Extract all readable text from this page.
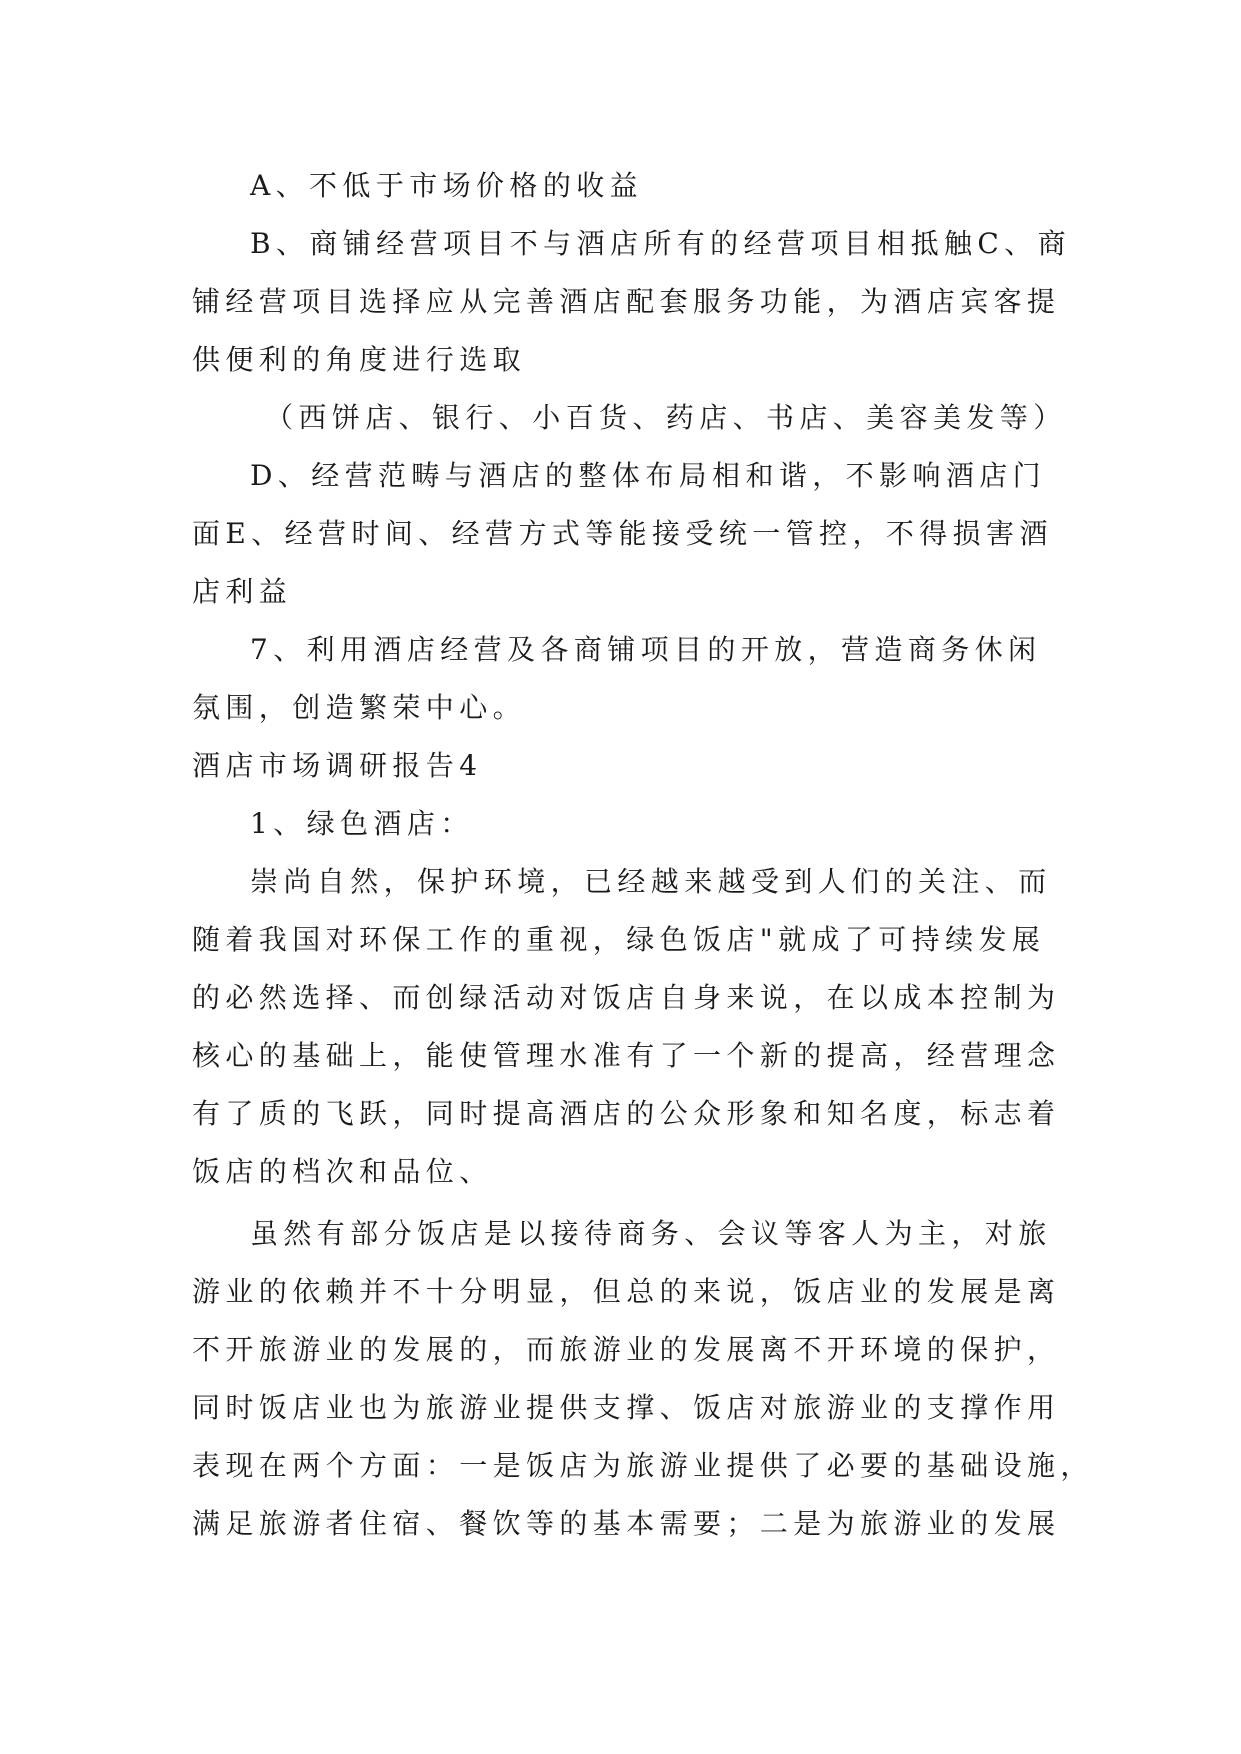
A、不低于市场价格的收益
B、商铺经营项目不与酒店所有的经营项目相抵触C、商
铺经营项目选择应从完善酒店配套服务功能，为酒店宾客提
供便利的角度进行选取
（西饼店、银行、小百货、药店、书店、美容美发等）
D、经营范畴与酒店的整体布局相和谐，不影响酒店门
面E、经营时间、经营方式等能接受统一管控，不得损害酒
店利益
7、利用酒店经营及各商铺项目的开放，营造商务休闲
氛围，创造繁荣中心。
酒店市场调研报告4
1、绿色酒店：
崇尚自然，保护环境，已经越来越受到人们的关注、而
随着我国对环保工作的重视，绿色饭店"就成了可持续发展
的必然选择、而创绿活动对饭店自身来说，在以成本控制为
核心的基础上，能使管理水准有了一个新的提高，经营理念
有了质的飞跃，同时提高酒店的公众形象和知名度，标志着
饭店的档次和品位、
虽然有部分饭店是以接待商务、会议等客人为主，对旅
游业的依赖并不十分明显，但总的来说，饭店业的发展是离
不开旅游业的发展的，而旅游业的发展离不开环境的保护，
同时饭店业也为旅游业提供支撑、饭店对旅游业的支撑作用
表现在两个方面：一是饭店为旅游业提供了必要的基础设施，
满足旅游者住宿、餐饮等的基本需要；二是为旅游业的发展
